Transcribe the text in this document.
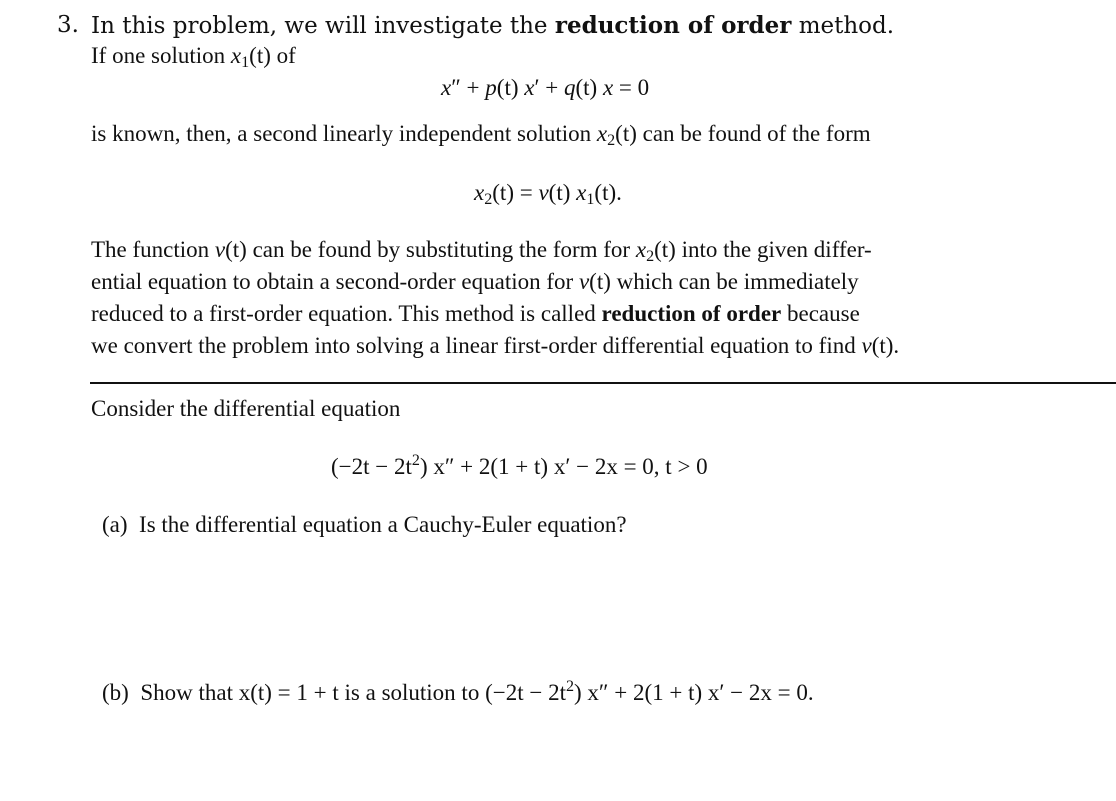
3. In this problem, we will investigate the reduction of order method.
If one solution $x_1(t)$ of
x″ + p(t) x′ + q(t) x = 0
is known, then, a second linearly independent solution $x_2(t)$ can be found of the form
$x_2(t) = v(t)$ $x_1(t)$.
The function v(t) can be found by substituting the form for $x_2(t)$ into the given differ-
ential equation to obtain a second-order equation for v(t) which can be immediately
reduced to a first-order equation. This method is called reduction of order because
we convert the problem into solving a linear first-order differential equation to find v(t).
Consider the differential equation
$(-2t - 2t^2)$ x″ + 2(1 + t) x′ − 2x = 0, t > 0
(a) Is the differential equation a Cauchy-Euler equation?
(b) Show that x(t) = 1 + t is a solution to $(-2t - 2t^2)$ x″ + 2(1 + t) x′ − 2x = 0.
